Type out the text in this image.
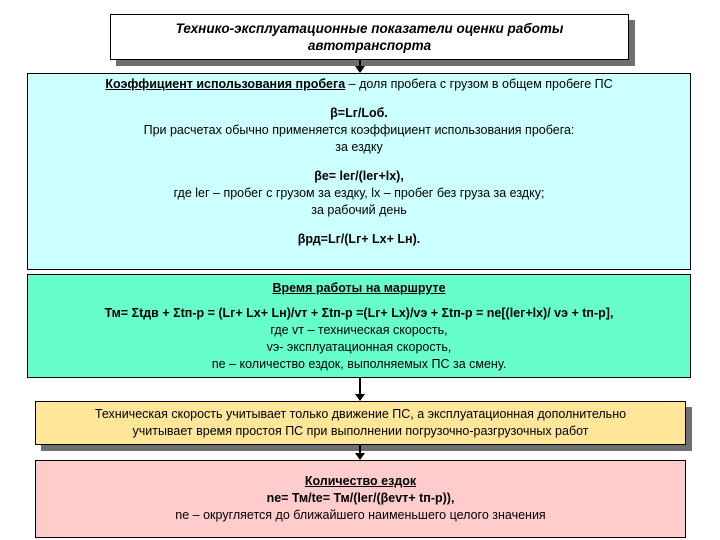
Технико-эксплуатационные показатели оценки работы
автотранспорта
Коэффициент использования пробега – доля пробега с грузом в общем пробеге ПС
β=Lг/Lоб.
При расчетах обычно применяется коэффициент использования пробега:
за ездку
βе= lег/(lег+lх),
где lег – пробег с грузом за ездку, lх – пробег без груза за ездку;
за рабочий день
βрд=Lг/(Lг+ Lх+ Lн).
Время работы на маршруте
Тм= Σtдв + Σtп-р = (Lг+ Lх+ Lн)/vт + Σtп-р =(Lг+ Lх)/vэ + Σtп-р = nе[(lег+lх)/ vэ + tп-р],
где vт – техническая скорость,
vэ- эксплуатационная скорость,
nе – количество ездок, выполняемых ПС за смену.
Техническая скорость учитывает только движение ПС, а эксплуатационная дополнительно
учитывает время простоя ПС при выполнении погрузочно-разгрузочных работ
Количество ездок
nе= Тм/tе= Тм/(lег/(βеvт+ tп-р)),
nе – округляется до ближайшего наименьшего целого значения
